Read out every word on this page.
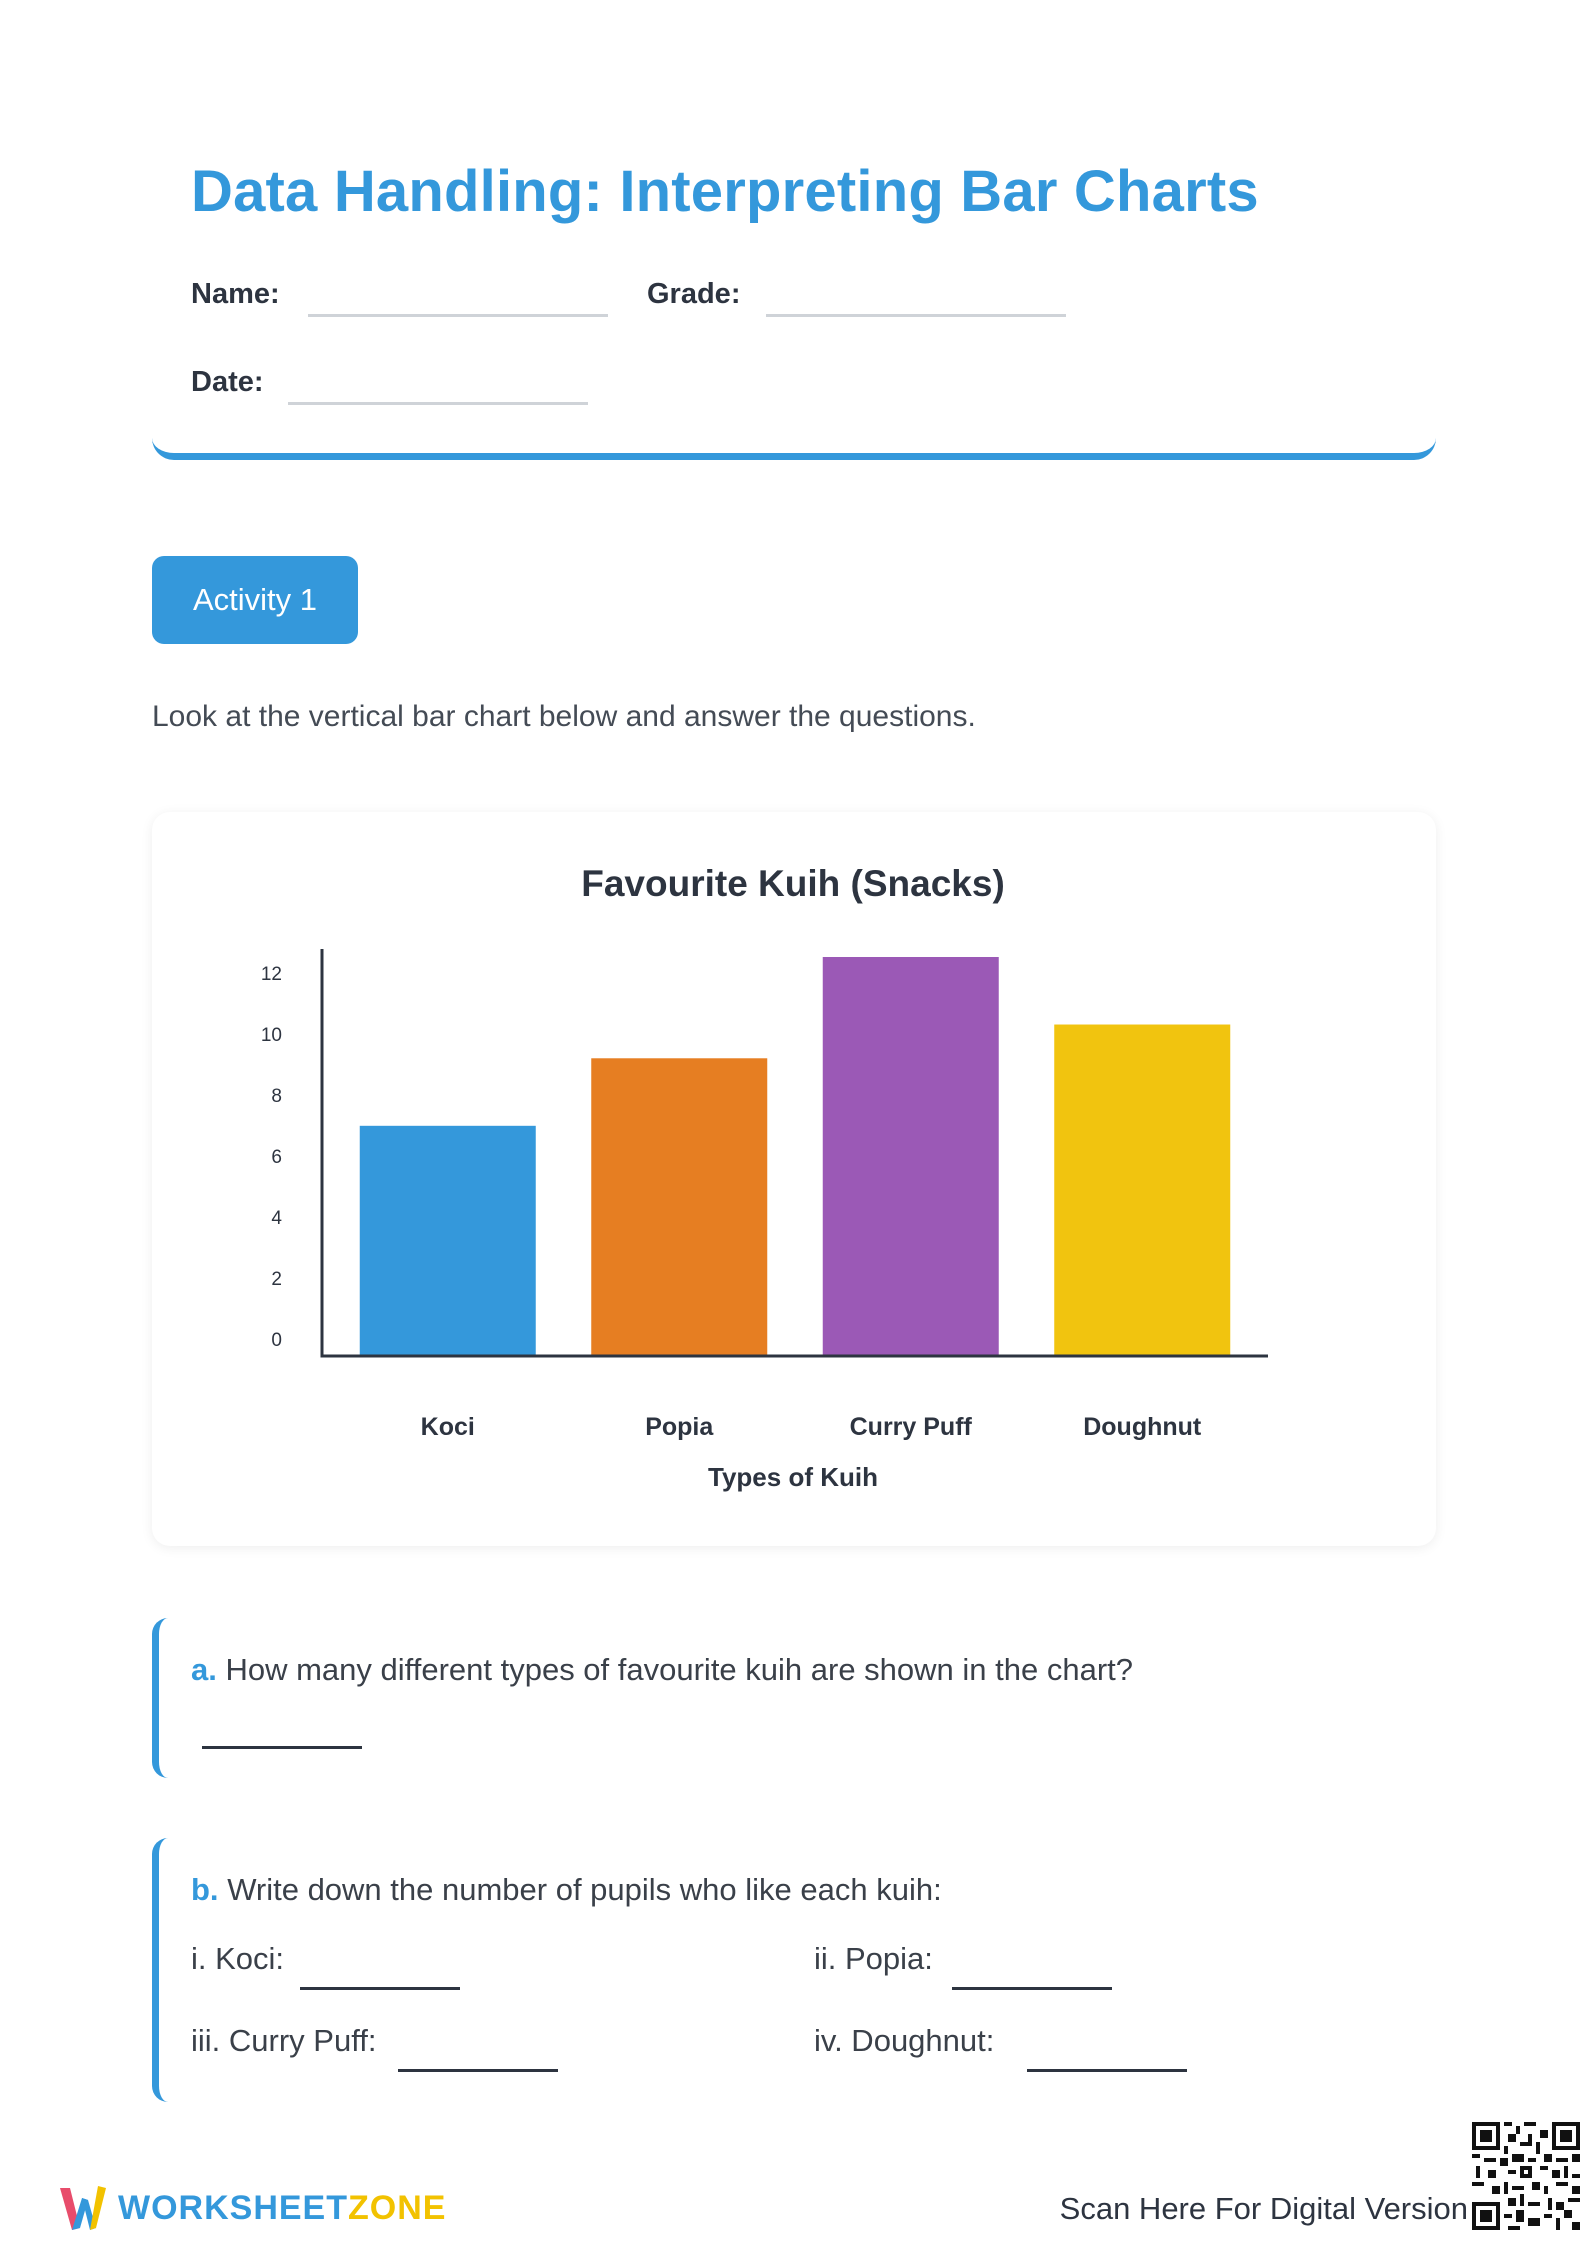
Data Handling: Interpreting Bar Charts
Name:	Grade:
Date:
Activity 1
Look at the vertical bar chart below and answer the questions.
Favourite Kuih (Snacks)
0
2
4
6
8
10
12
Koci	Popia	Curry Puff	Doughnut
Types of Kuih
a. How many different types of favourite kuih are shown in the chart?
b. Write down the number of pupils who like each kuih:
i. Koci:	ii. Popia:
iii. Curry Puff:	iv. Doughnut:
WORKSHEETZONE	Scan Here For Digital Version
